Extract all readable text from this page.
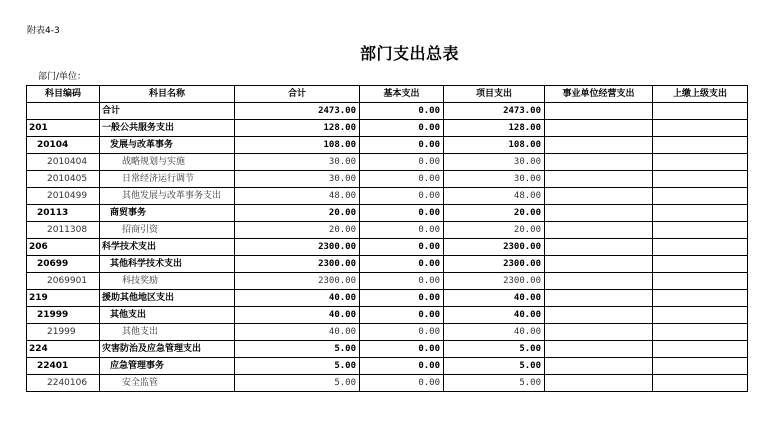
附表4-3
部门支出总表
部门/单位：
科目编码	科目名称	合计	基本支出	项目支出	事业单位经营支出	上缴上级支出
	合计	2473.00	0.00	2473.00		
201	一般公共服务支出	128.00	0.00	128.00		
20104	发展与改革事务	108.00	0.00	108.00		
2010404	战略规划与实施	30.00	0.00	30.00		
2010405	日常经济运行调节	30.00	0.00	30.00		
2010499	其他发展与改革事务支出	48.00	0.00	48.00		
20113	商贸事务	20.00	0.00	20.00		
2011308	招商引资	20.00	0.00	20.00		
206	科学技术支出	2300.00	0.00	2300.00		
20699	其他科学技术支出	2300.00	0.00	2300.00		
2069901	科技奖励	2300.00	0.00	2300.00		
219	援助其他地区支出	40.00	0.00	40.00		
21999	其他支出	40.00	0.00	40.00		
21999	其他支出	40.00	0.00	40.00		
224	灾害防治及应急管理支出	5.00	0.00	5.00		
22401	应急管理事务	5.00	0.00	5.00		
2240106	安全监管	5.00	0.00	5.00		
